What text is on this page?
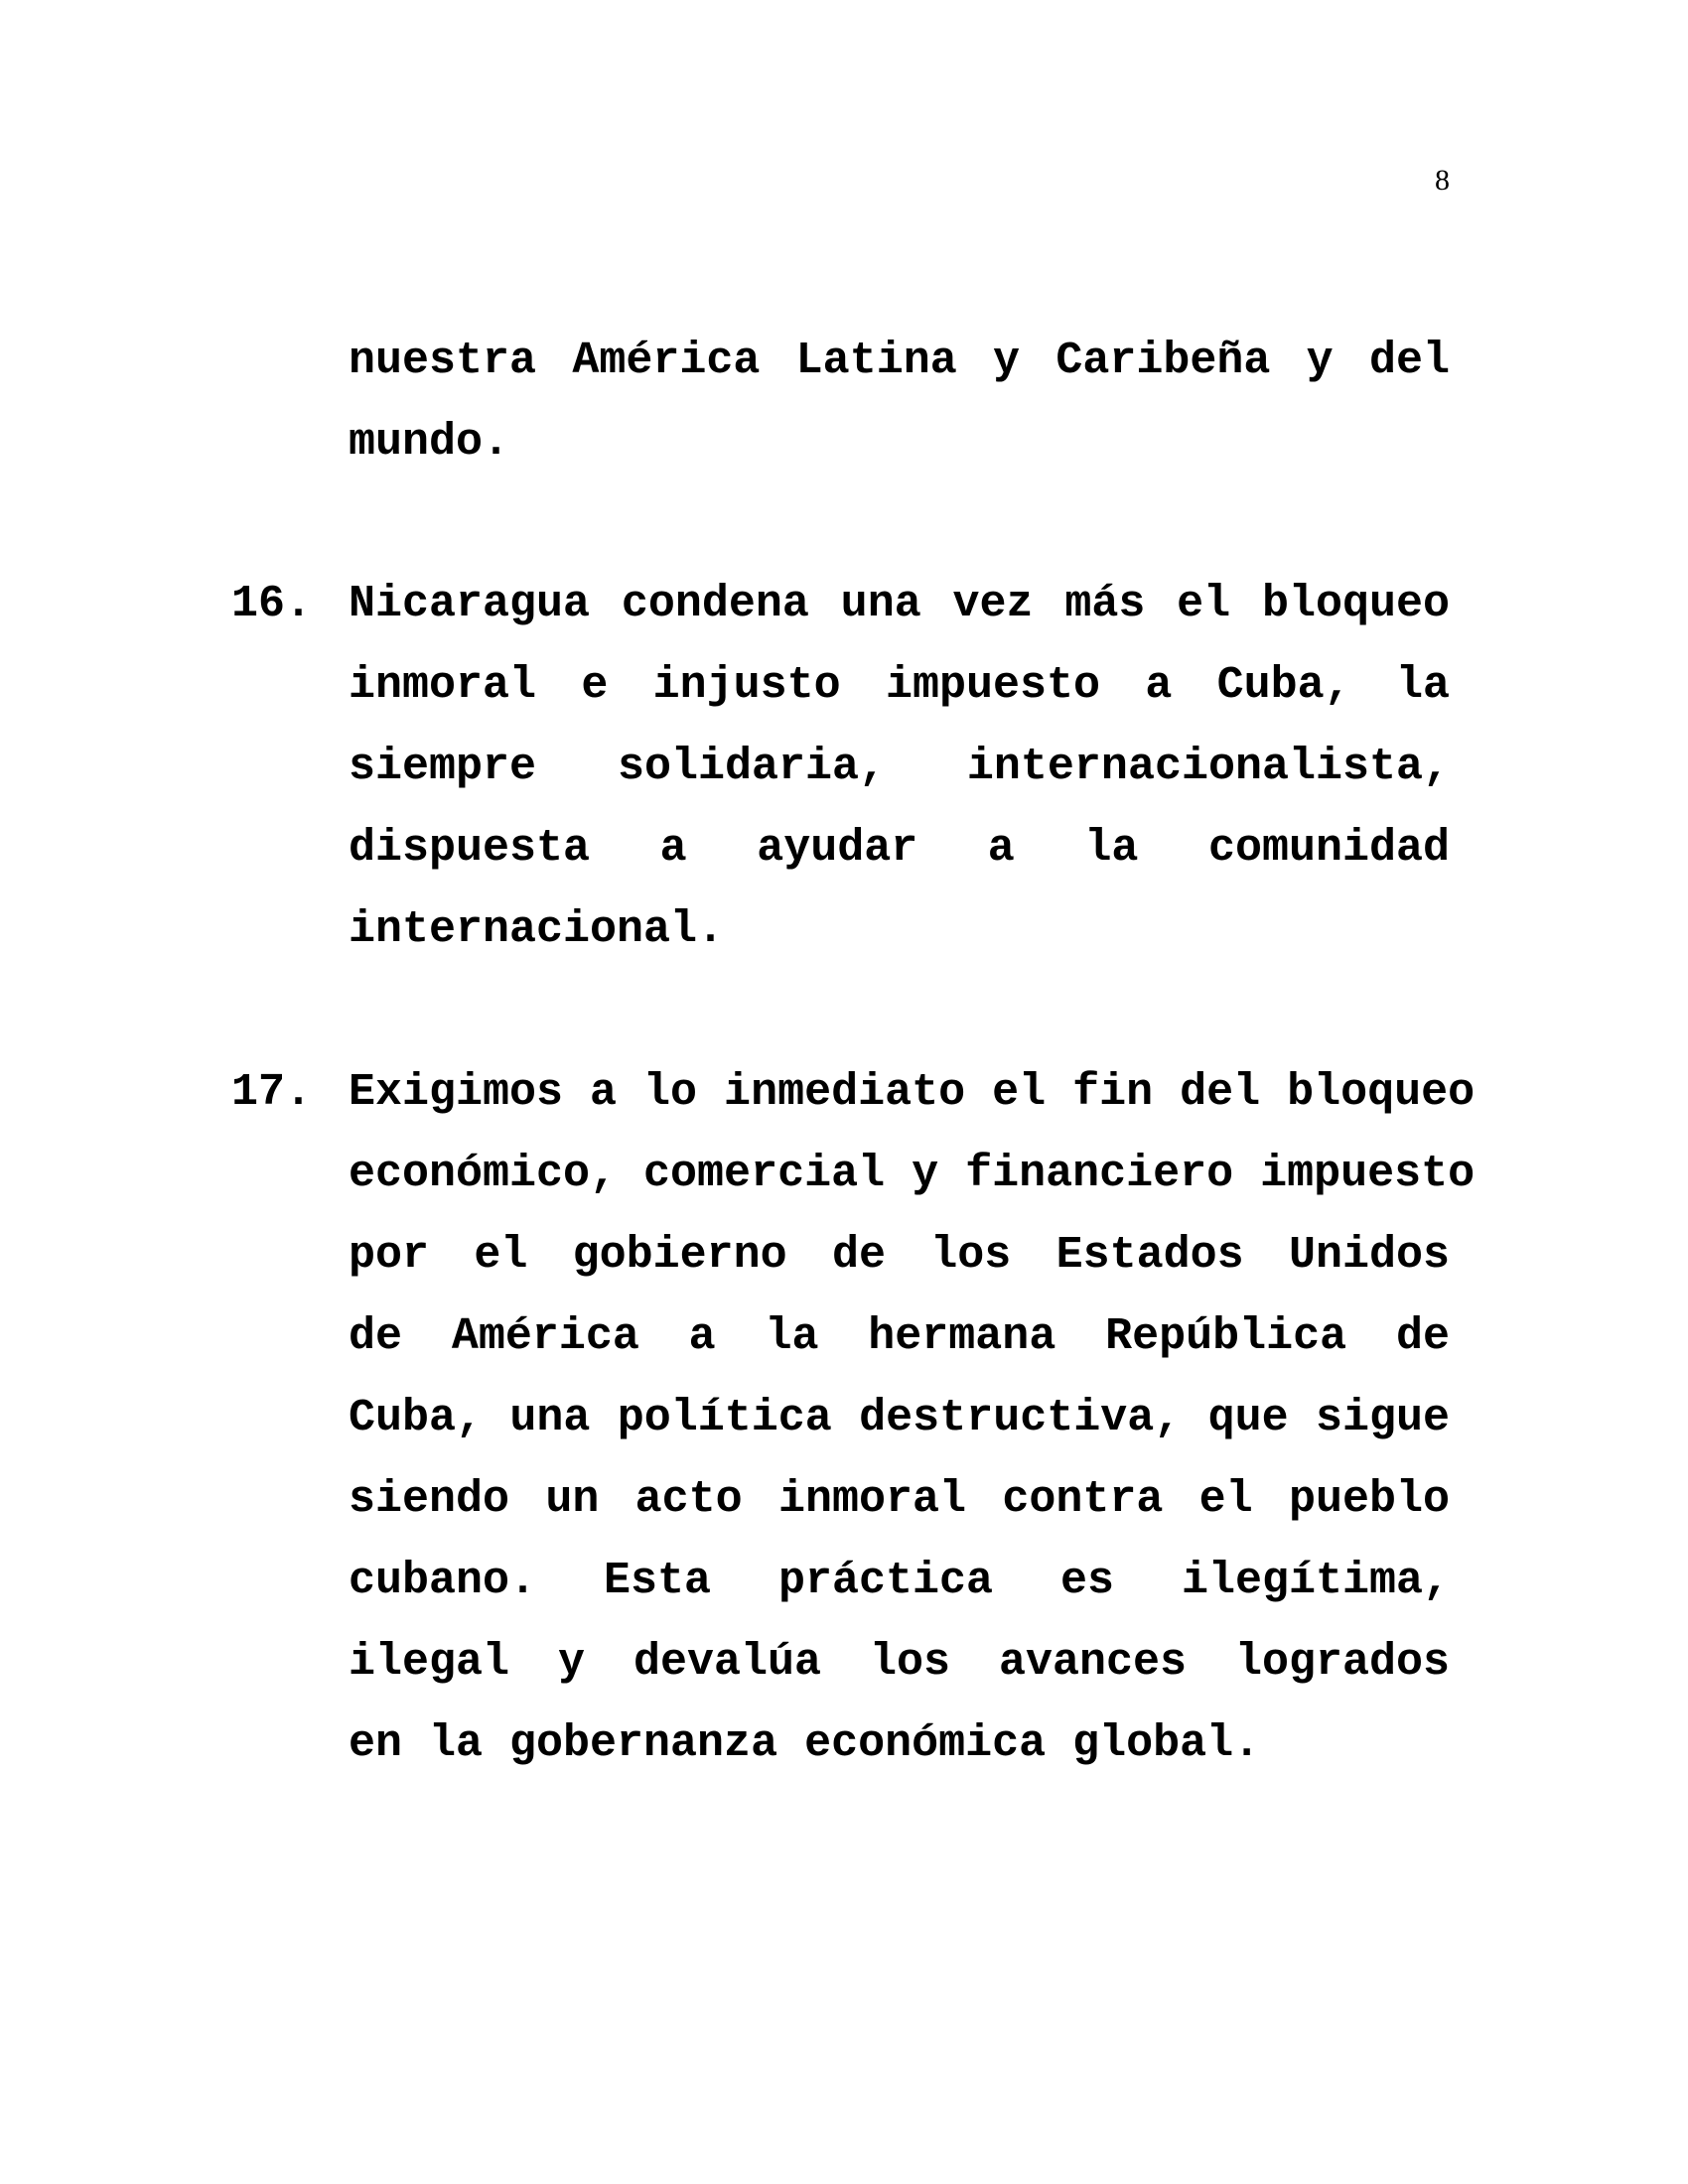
8
nuestra América Latina y Caribeña y del
mundo.
16. Nicaragua condena una vez más el bloqueo
inmoral e injusto impuesto a Cuba, la
siempre solidaria, internacionalista,
dispuesta a ayudar a la comunidad
internacional.
17. Exigimos a lo inmediato el fin del bloqueo
económico, comercial y financiero impuesto
por el gobierno de los Estados Unidos
de América a la hermana República de
Cuba, una política destructiva, que sigue
siendo un acto inmoral contra el pueblo
cubano. Esta práctica es ilegítima,
ilegal y devalúa los avances logrados
en la gobernanza económica global.
